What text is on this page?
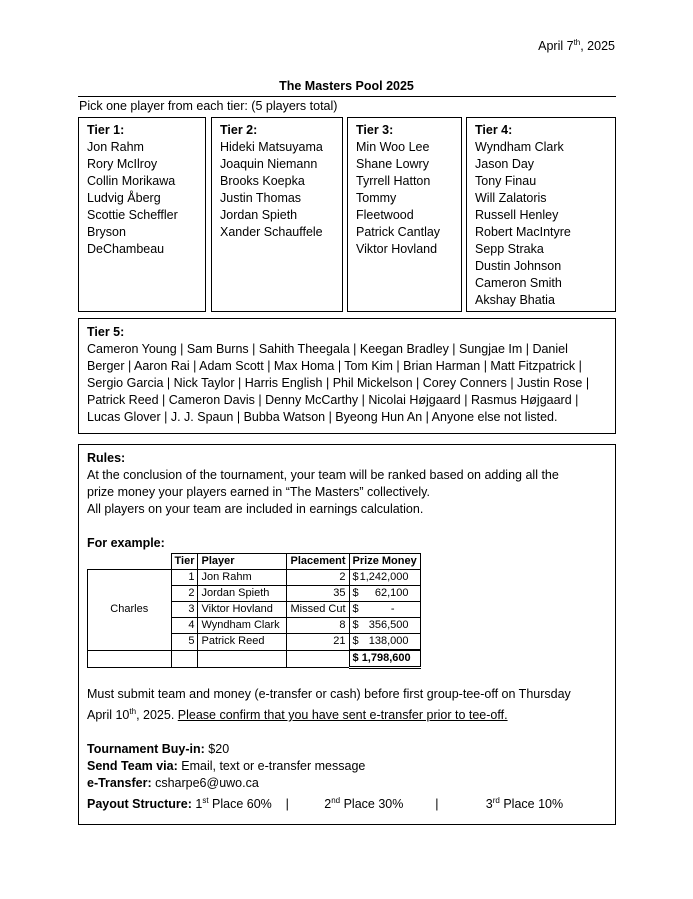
April 7th, 2025
The Masters Pool 2025
Pick one player from each tier: (5 players total)
Tier 1:
Jon Rahm
Rory McIlroy
Collin Morikawa
Ludvig Åberg
Scottie Scheffler
Bryson
DeChambeau
Tier 2:
Hideki Matsuyama
Joaquin Niemann
Brooks Koepka
Justin Thomas
Jordan Spieth
Xander Schauffele
Tier 3:
Min Woo Lee
Shane Lowry
Tyrrell Hatton
Tommy
Fleetwood
Patrick Cantlay
Viktor Hovland
Tier 4:
Wyndham Clark
Jason Day
Tony Finau
Will Zalatoris
Russell Henley
Robert MacIntyre
Sepp Straka
Dustin Johnson
Cameron Smith
Akshay Bhatia
Tier 5:
Cameron Young | Sam Burns | Sahith Theegala | Keegan Bradley | Sungjae Im | Daniel
Berger | Aaron Rai | Adam Scott | Max Homa | Tom Kim | Brian Harman | Matt Fitzpatrick |
Sergio Garcia | Nick Taylor | Harris English | Phil Mickelson | Corey Conners | Justin Rose |
Patrick Reed | Cameron Davis | Denny McCarthy | Nicolai Højgaard | Rasmus Højgaard |
Lucas Glover | J. J. Spaun | Bubba Watson | Byeong Hun An | Anyone else not listed.
Rules:
At the conclusion of the tournament, your team will be ranked based on adding all the
prize money your players earned in “The Masters” collectively.
All players on your team are included in earnings calculation.
For example:
	Tier	Player	Placement	Prize Money
Charles	1	Jon Rahm	2	$ 1,242,000

	2	Jordan Spieth	35	$ 62,100

	3	Viktor Hovland	Missed Cut	$ -

	4	Wyndham Clark	8	$ 356,500

	5	Patrick Reed	21	$ 138,000

				$ 1,798,600
Must submit team and money (e-transfer or cash) before first group-tee-off on Thursday
April 10th, 2025. Please confirm that you have sent e-transfer prior to tee-off.
Tournament Buy-in: $20
Send Team via: Email, text or e-transfer message
e-Transfer: csharpe6@uwo.ca
Payout Structure: 1st Place 60% |	2nd Place 30%	|	3rd Place 10%
